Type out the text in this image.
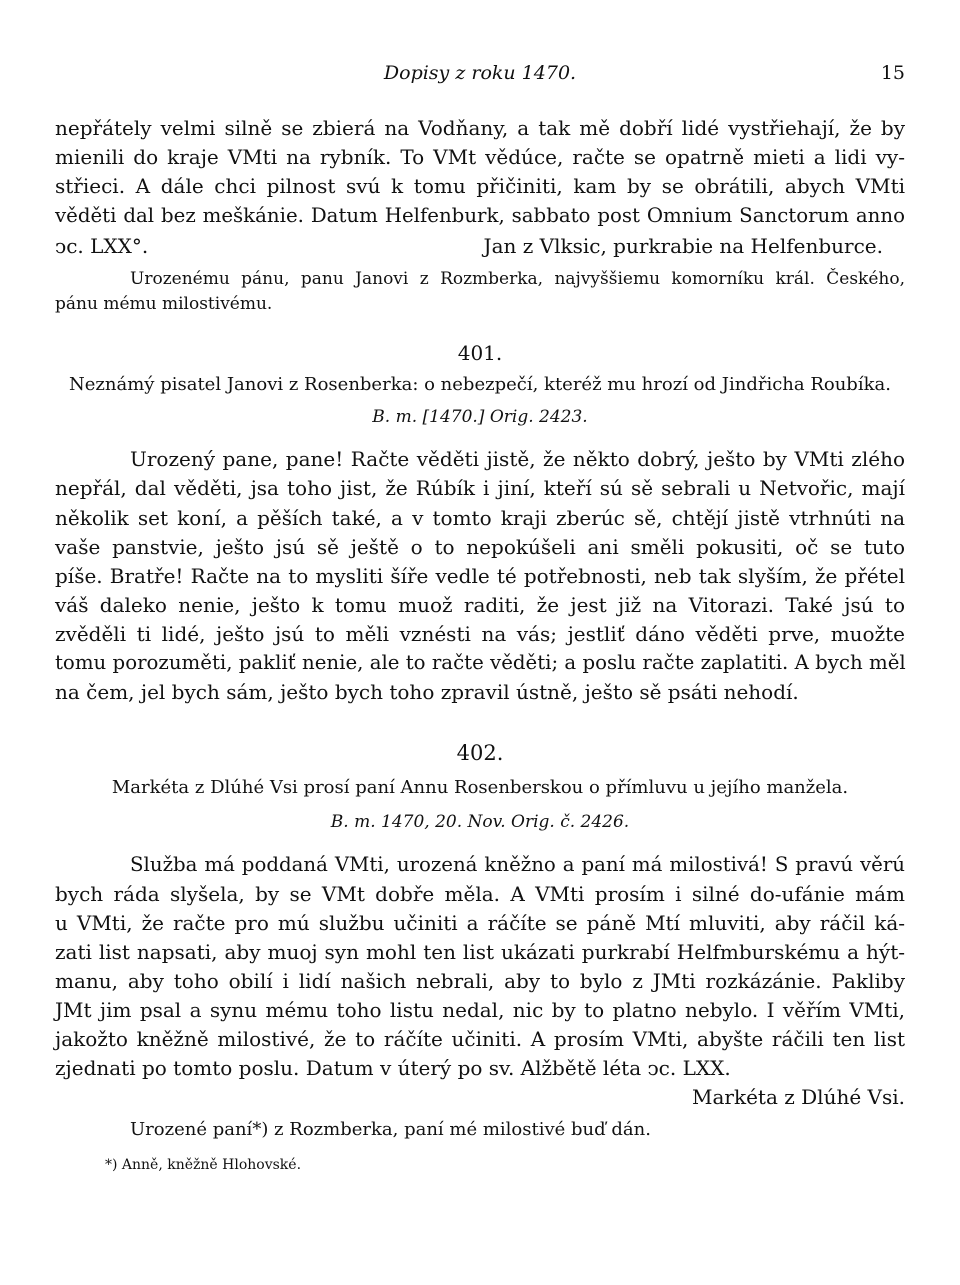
Dopisy z roku 1470.	15
nepřátely velmi silně se zbierá na Vodňany, a tak mě dobří lidé vystřiehají, že by
mienili do kraje VMti na rybník. To VMt vědúce, račte se opatrně mieti a lidi vy-
střieci. A dále chci pilnost svú k tomu přičiniti, kam by se obrátili, abych VMti
věděti dal bez meškánie. Datum Helfenburk, sabbato post Omnium Sanctorum anno
ↄc. LXX°.	Jan z Vlksic, purkrabie na Helfenburce.
Urozenému pánu, panu Janovi z Rozmberka, najvyššiemu komorníku král. Českého,
pánu mému milostivému.
401.
Neznámý pisatel Janovi z Rosenberka: o nebezpečí, kteréž mu hrozí od Jindřicha Roubíka.
B. m. [1470.] Orig. 2423.
Urozený pane, pane! Račte věděti jistě, že někto dobrý, ješto by VMti zlého
nepřál, dal věděti, jsa toho jist, že Rúbík i jiní, kteří sú sě sebrali u Netvořic, mají
několik set koní, a pěších také, a v tomto kraji zberúc sě, chtějí jistě vtrhnúti na
vaše panstvie, ješto jsú sě ještě o to nepokúšeli ani směli pokusiti, oč se tuto
píše. Bratře! Račte na to mysliti šíře vedle té potřebnosti, neb tak slyším, že přétel
váš daleko nenie, ješto k tomu muož raditi, že jest již na Vitorazi. Také jsú to
zvěděli ti lidé, ješto jsú to měli vznésti na vás; jestliť dáno věděti prve, muožte
tomu porozuměti, pakliť nenie, ale to račte věděti; a poslu račte zaplatiti. A bych měl
na čem, jel bych sám, ješto bych toho zpravil ústně, ješto sě psáti nehodí.
402.
Markéta z Dlúhé Vsi prosí paní Annu Rosenberskou o přímluvu u jejího manžela.
B. m. 1470, 20. Nov. Orig. č. 2426.
Služba má poddaná VMti, urozená kněžno a paní má milostivá! S pravú věrú
bych ráda slyšela, by se VMt dobře měla. A VMti prosím i silné do-ufánie mám
u VMti, že račte pro mú službu učiniti a ráčíte se páně Mtí mluviti, aby ráčil ká-
zati list napsati, aby muoj syn mohl ten list ukázati purkrabí Helfmburskému a hýt-
manu, aby toho obilí i lidí našich nebrali, aby to bylo z JMti rozkázánie. Pakliby
JMt jim psal a synu mému toho listu nedal, nic by to platno nebylo. I věřím VMti,
jakožto kněžně milostivé, že to ráčíte učiniti. A prosím VMti, abyšte ráčili ten list
zjednati po tomto poslu. Datum v úterý po sv. Alžbětě léta ↄc. LXX.
Markéta z Dlúhé Vsi.
Urozené paní*) z Rozmberka, paní mé milostivé buď dán.
*) Anně, kněžně Hlohovské.
